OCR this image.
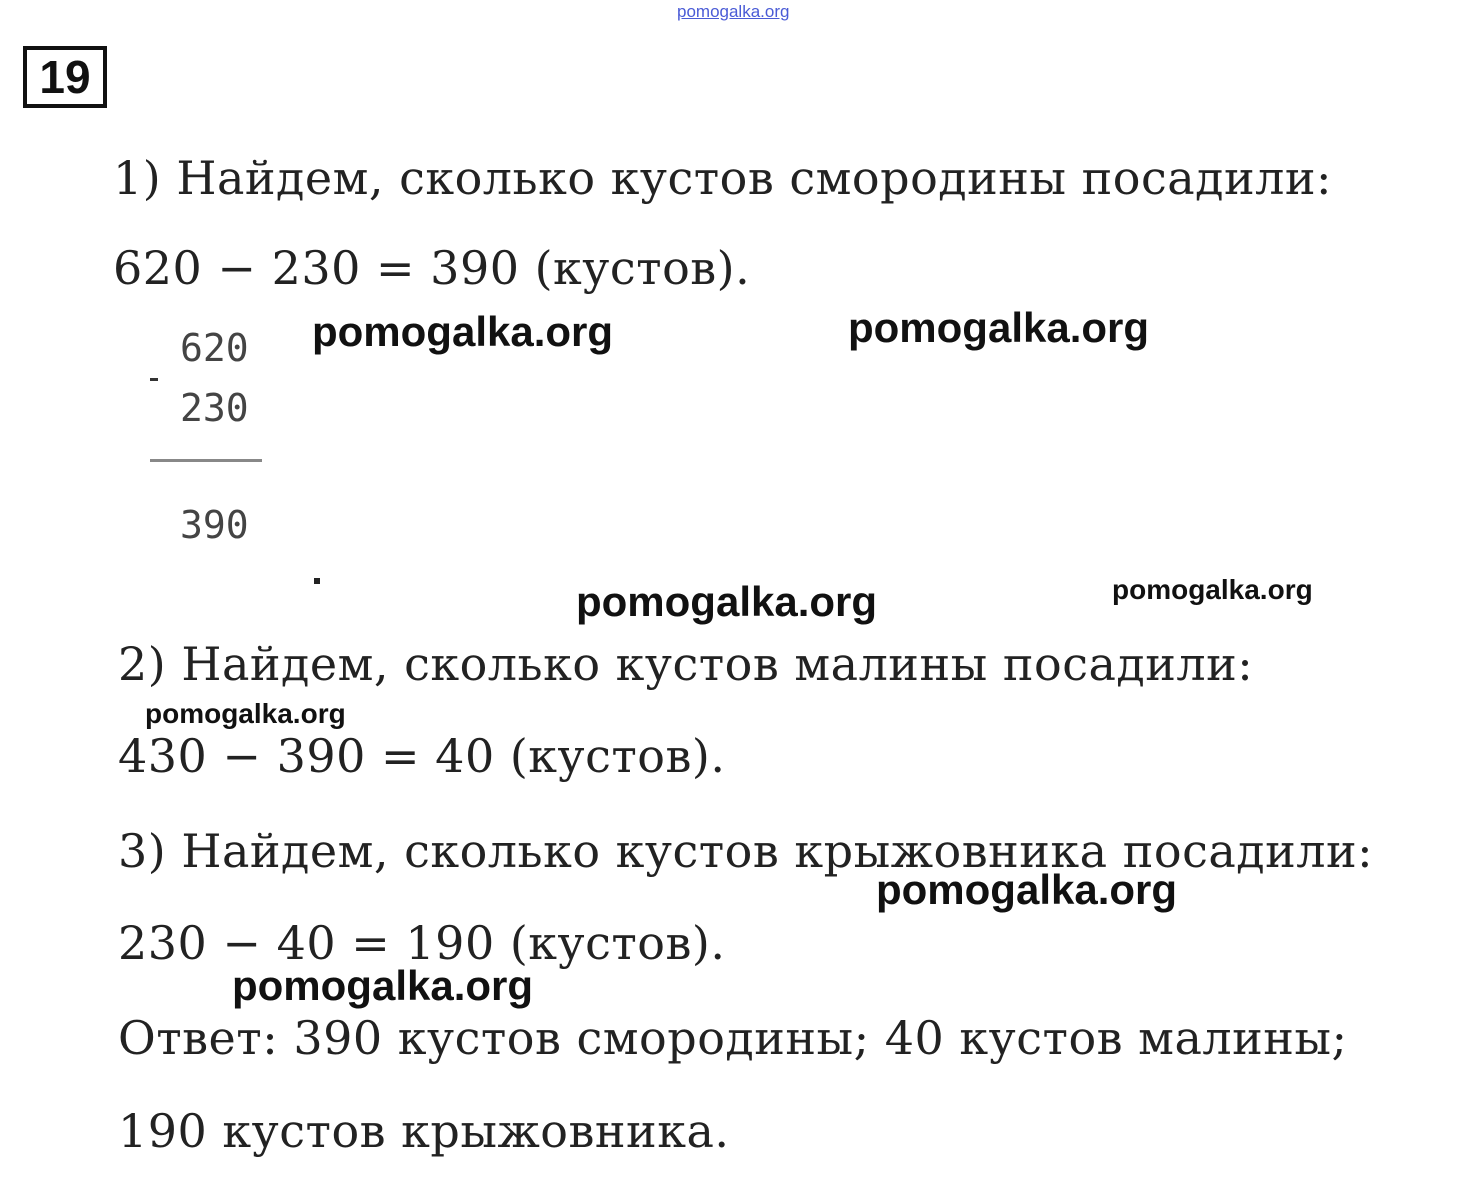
pomogalka.org
19
1) Найдем, сколько кустов смородины посадили:
620 − 230 = 390 (кустов).
620
230
390
2) Найдем, сколько кустов малины посадили:
430 − 390 = 40 (кустов).
3) Найдем, сколько кустов крыжовника посадили:
230 − 40 = 190 (кустов).
Ответ: 390 кустов смородины; 40 кустов малины;
190 кустов крыжовника.
pomogalka.org	pomogalka.org
pomogalka.org	pomogalka.org
pomogalka.org
pomogalka.org
pomogalka.org
